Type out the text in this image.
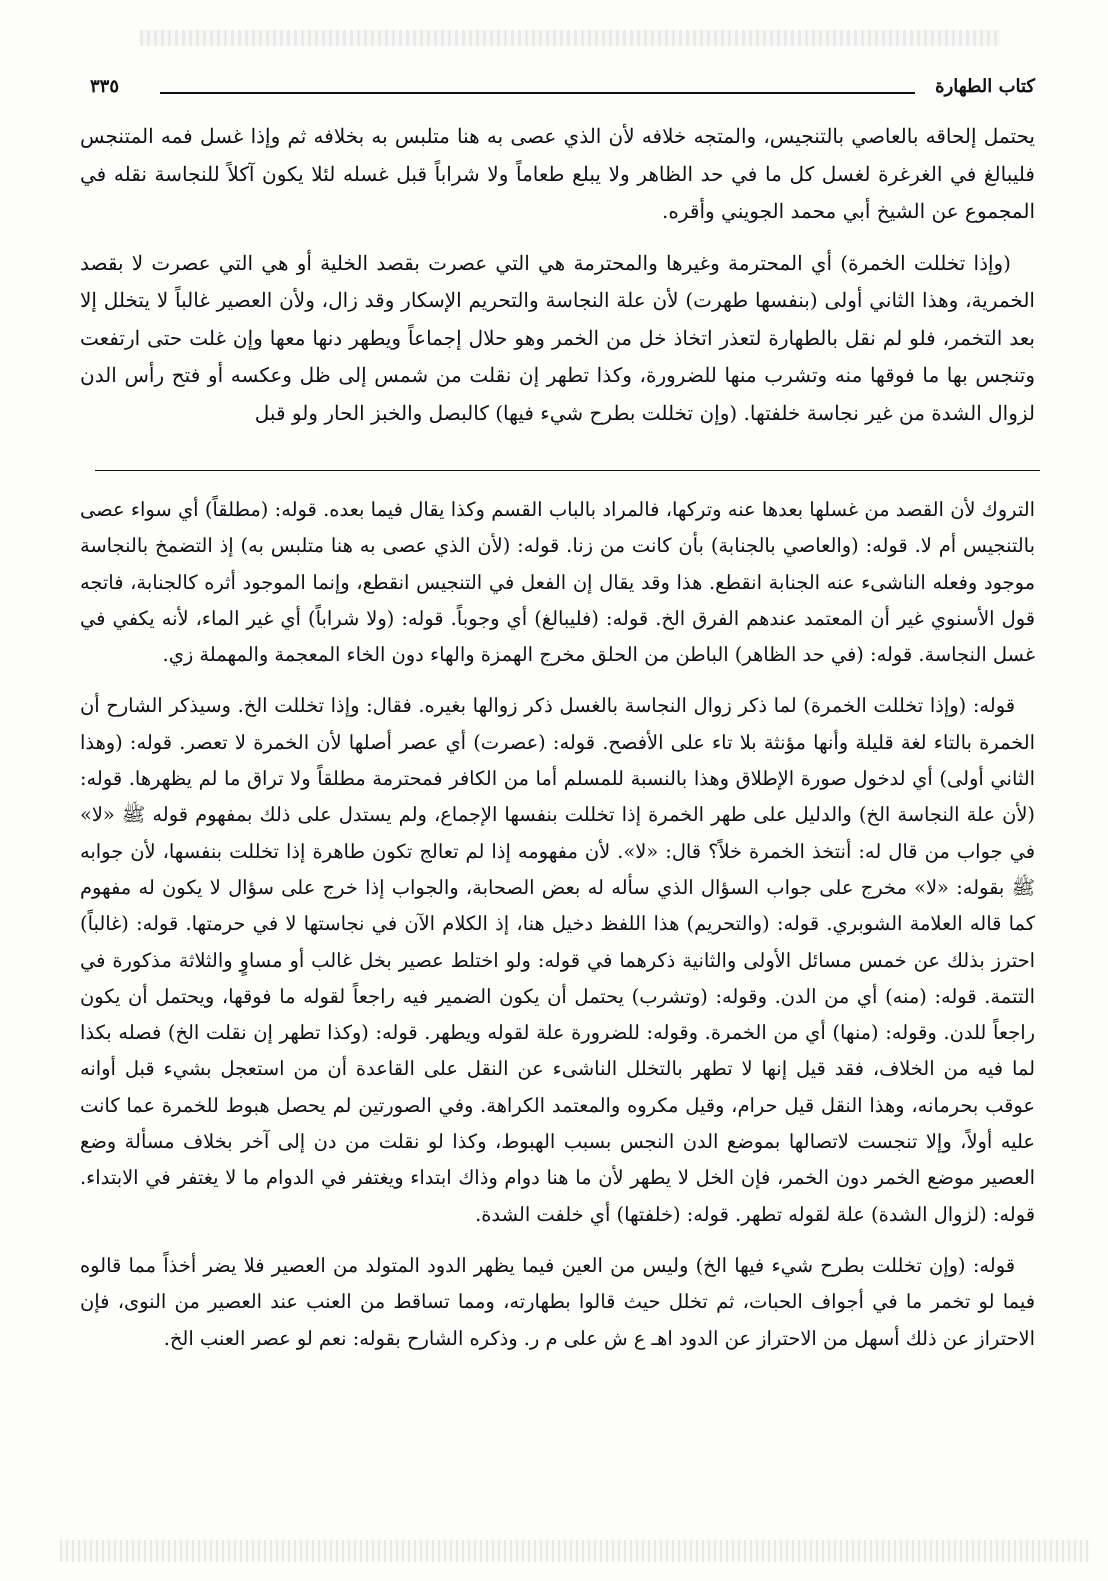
كتاب الطهارة
٣٣٥

يحتمل إلحاقه بالعاصي بالتنجيس، والمتجه خلافه لأن الذي عصى به هنا متلبس به بخلافه ثم وإذا غسل فمه المتنجس فليبالغ في الغرغرة لغسل كل ما في حد الظاهر ولا يبلع طعاماً ولا شراباً قبل غسله لئلا يكون آكلاً للنجاسة نقله في المجموع عن الشيخ أبي محمد الجويني وأقره.

(وإذا تخللت الخمرة) أي المحترمة وغيرها والمحترمة هي التي عصرت بقصد الخلية أو هي التي عصرت لا بقصد الخمرية، وهذا الثاني أولى (بنفسها طهرت) لأن علة النجاسة والتحريم الإسكار وقد زال، ولأن العصير غالباً لا يتخلل إلا بعد التخمر، فلو لم نقل بالطهارة لتعذر اتخاذ خل من الخمر وهو حلال إجماعاً ويطهر دنها معها وإن غلت حتى ارتفعت وتنجس بها ما فوقها منه وتشرب منها للضرورة، وكذا تطهر إن نقلت من شمس إلى ظل وعكسه أو فتح رأس الدن لزوال الشدة من غير نجاسة خلفتها. (وإن تخللت بطرح شيء فيها) كالبصل والخبز الحار ولو قبل

التروك لأن القصد من غسلها بعدها عنه وتركها، فالمراد بالباب القسم وكذا يقال فيما بعده. قوله: (مطلقاً) أي سواء عصى بالتنجيس أم لا. قوله: (والعاصي بالجنابة) بأن كانت من زنا. قوله: (لأن الذي عصى به هنا متلبس به) إذ التضمخ بالنجاسة موجود وفعله الناشىء عنه الجنابة انقطع. هذا وقد يقال إن الفعل في التنجيس انقطع، وإنما الموجود أثره كالجنابة، فاتجه قول الأسنوي غير أن المعتمد عندهم الفرق الخ. قوله: (فليبالغ) أي وجوباً. قوله: (ولا شراباً) أي غير الماء، لأنه يكفي في غسل النجاسة. قوله: (في حد الظاهر) الباطن من الحلق مخرج الهمزة والهاء دون الخاء المعجمة والمهملة زي.

قوله: (وإذا تخللت الخمرة) لما ذكر زوال النجاسة بالغسل ذكر زوالها بغيره. فقال: وإذا تخللت الخ. وسيذكر الشارح أن الخمرة بالتاء لغة قليلة وأنها مؤنثة بلا تاء على الأفصح. قوله: (عصرت) أي عصر أصلها لأن الخمرة لا تعصر. قوله: (وهذا الثاني أولى) أي لدخول صورة الإطلاق وهذا بالنسبة للمسلم أما من الكافر فمحترمة مطلقاً ولا تراق ما لم يظهرها. قوله: (لأن علة النجاسة الخ) والدليل على طهر الخمرة إذا تخللت بنفسها الإجماع، ولم يستدل على ذلك بمفهوم قوله ﷺ «لا» في جواب من قال له: أنتخذ الخمرة خلاً؟ قال: «لا». لأن مفهومه إذا لم تعالج تكون طاهرة إذا تخللت بنفسها، لأن جوابه ﷺ بقوله: «لا» مخرج على جواب السؤال الذي سأله له بعض الصحابة، والجواب إذا خرج على سؤال لا يكون له مفهوم كما قاله العلامة الشوبري. قوله: (والتحريم) هذا اللفظ دخيل هنا، إذ الكلام الآن في نجاستها لا في حرمتها. قوله: (غالباً) احترز بذلك عن خمس مسائل الأولى والثانية ذكرهما في قوله: ولو اختلط عصير بخل غالب أو مساوٍ والثلاثة مذكورة في التتمة. قوله: (منه) أي من الدن. وقوله: (وتشرب) يحتمل أن يكون الضمير فيه راجعاً لقوله ما فوقها، ويحتمل أن يكون راجعاً للدن. وقوله: (منها) أي من الخمرة. وقوله: للضرورة علة لقوله ويطهر. قوله: (وكذا تطهر إن نقلت الخ) فصله بكذا لما فيه من الخلاف، فقد قيل إنها لا تطهر بالتخلل الناشىء عن النقل على القاعدة أن من استعجل بشيء قبل أوانه عوقب بحرمانه، وهذا النقل قيل حرام، وقيل مكروه والمعتمد الكراهة. وفي الصورتين لم يحصل هبوط للخمرة عما كانت عليه أولاً، وإلا تنجست لاتصالها بموضع الدن النجس بسبب الهبوط، وكذا لو نقلت من دن إلى آخر بخلاف مسألة وضع العصير موضع الخمر دون الخمر، فإن الخل لا يطهر لأن ما هنا دوام وذاك ابتداء ويغتفر في الدوام ما لا يغتفر في الابتداء. قوله: (لزوال الشدة) علة لقوله تطهر. قوله: (خلفتها) أي خلفت الشدة.

قوله: (وإن تخللت بطرح شيء فيها الخ) وليس من العين فيما يظهر الدود المتولد من العصير فلا يضر أخذاً مما قالوه فيما لو تخمر ما في أجواف الحبات، ثم تخلل حيث قالوا بطهارته، ومما تساقط من العنب عند العصير من النوى، فإن الاحتراز عن ذلك أسهل من الاحتراز عن الدود اهـ ع ش على م ر. وذكره الشارح بقوله: نعم لو عصر العنب الخ.
